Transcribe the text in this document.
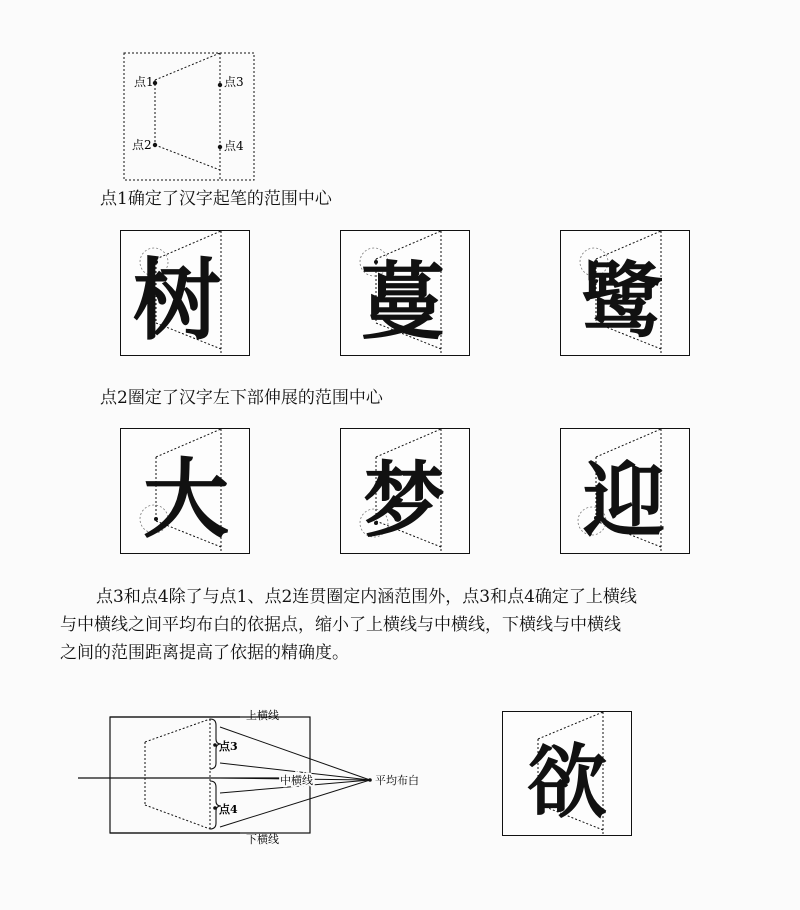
点1
点2
点3
点4
点1确定了汉字起笔的范围中心
树 蔓 鹭
点2圈定了汉字左下部伸展的范围中心
大 梦 迎
点3和点4除了与点1、点2连贯圈定内涵范围外，点3和点4确定了上横线
与中横线之间平均布白的依据点，缩小了上横线与中横线，下横线与中横线
之间的范围距离提高了依据的精确度。
上横线
中横线
下横线
点3
点4
平均布白 欲
